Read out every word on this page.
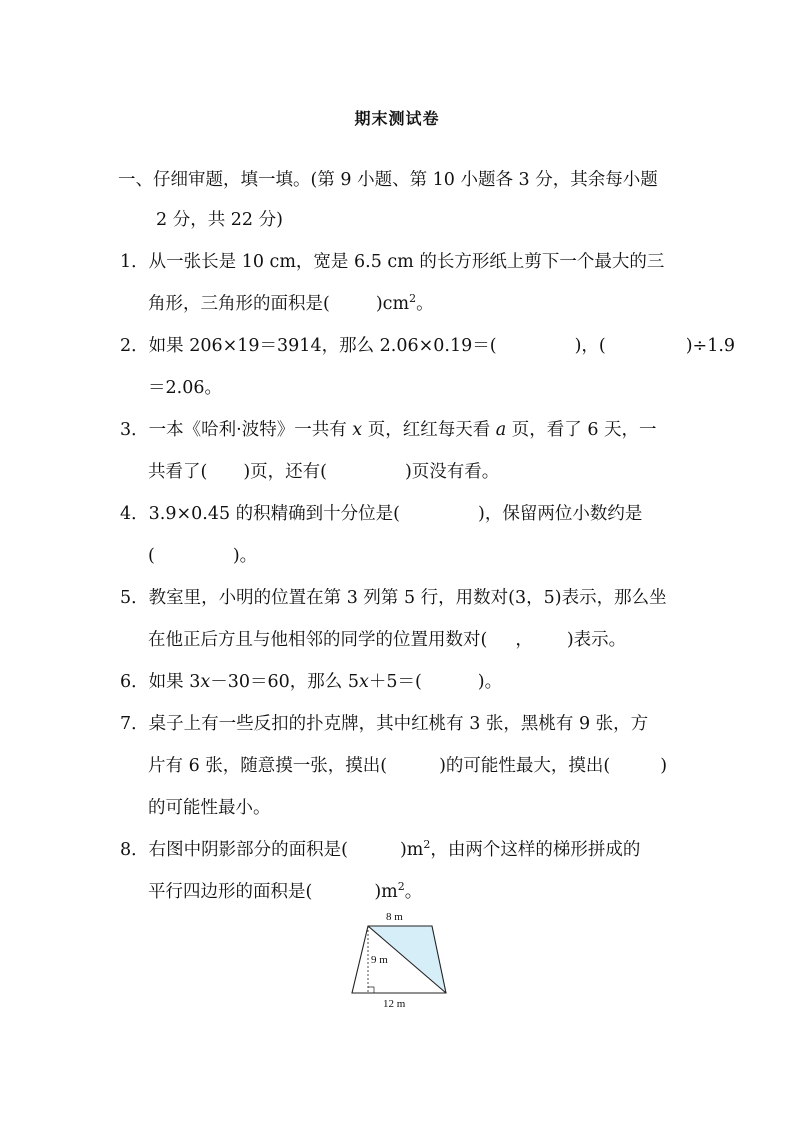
期末测试卷
一、仔细审题，填一填。(第 9 小题、第 10 小题各 3 分，其余每小题
2 分，共 22 分)
1．从一张长是 10 cm，宽是 6.5 cm 的长方形纸上剪下一个最大的三
角形，三角形的面积是(	)$cm^2$。
2．如果 206×19＝3914，那么 2.06×0.19＝(	)，(	)÷1.9
＝2.06。
3．一本《哈利·波特》一共有 x 页，红红每天看 a 页，看了 6 天，一
共看了( )页，还有(	)页没有看。
4．3.9×0.45 的积精确到十分位是(	)，保留两位小数约是
(	)。
5．教室里，小明的位置在第 3 列第 5 行，用数对(3，5)表示，那么坐
在他正后方且与他相邻的同学的位置用数对( ， )表示。
6．如果 3x－30＝60，那么 5x＋5＝(	)。
7．桌子上有一些反扣的扑克牌，其中红桃有 3 张，黑桃有 9 张，方
片有 6 张，随意摸一张，摸出(	)的可能性最大，摸出(	)
的可能性最小。
8．右图中阴影部分的面积是(	)$m^2$，由两个这样的梯形拼成的
平行四边形的面积是(	)$m^2$。
8 m
9 m
12 m
